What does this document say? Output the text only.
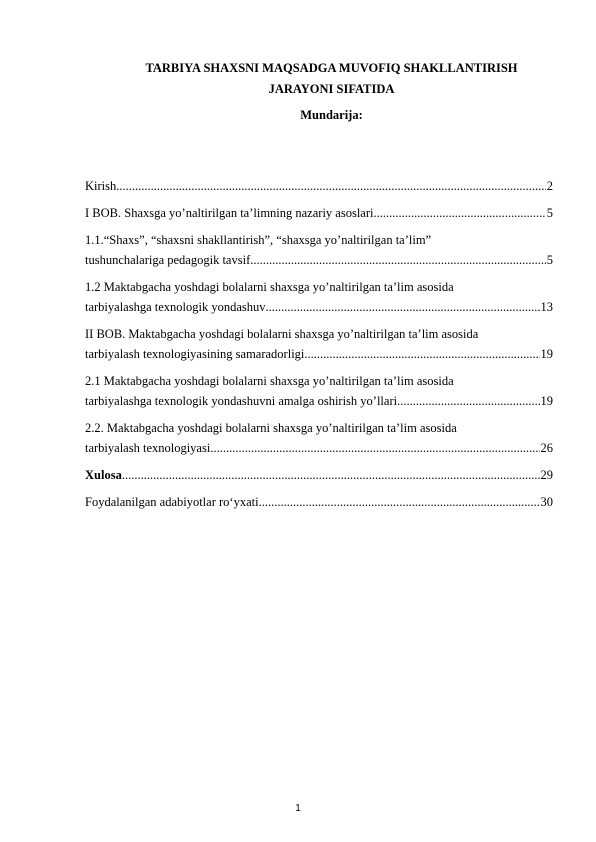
TARBIYA SHAXSNI MAQSADGA MUVOFIQ SHAKLLANTIRISH
JARAYONI SIFATIDA
Mundarija:
Kirish .....	2
I BOB. Shaxsga yo’naltirilgan ta’limning nazariy asoslari .....	5
1.1.“Shaxs”, “shaxsni shakllantirish”, “shaxsga yo’naltirilgan ta’lim”
tushunchalariga pedagogik tavsif .....	5
1.2 Maktabgacha yoshdagi bolalarni shaxsga yo’naltirilgan ta’lim asosida
tarbiyalashga texnologik yondashuv .....	13
II BOB. Maktabgacha yoshdagi bolalarni shaxsga yo’naltirilgan ta’lim asosida
tarbiyalash texnologiyasining samaradorligi .....	19
2.1 Maktabgacha yoshdagi bolalarni shaxsga yo’naltirilgan ta’lim asosida
tarbiyalashga texnologik yondashuvni amalga oshirish yo’llari .....	19
2.2. Maktabgacha yoshdagi bolalarni shaxsga yo’naltirilgan ta’lim asosida
tarbiyalash texnologiyasi .....	26
Xulosa .....	29
Foydalanilgan adabiyotlar ro‘yxati .....	30
1
